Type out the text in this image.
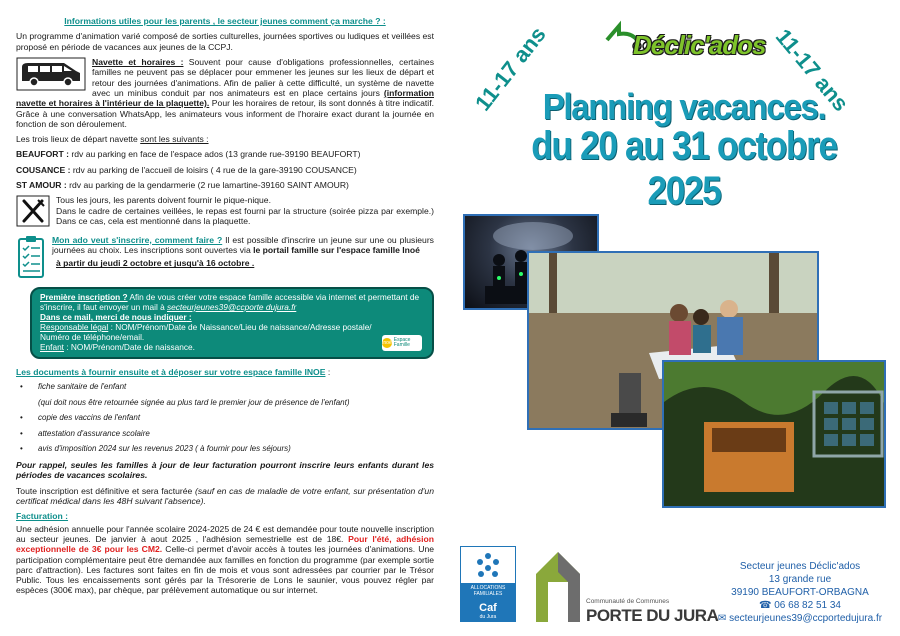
Informations utiles pour les parents , le secteur jeunes comment ça marche ? :
Un programme d'animation varié composé de sorties culturelles, journées sportives ou ludiques et veillées est proposé en période de vacances aux jeunes de la CCPJ.
Navette et horaires : Souvent pour cause d'obligations professionnelles, certaines familles ne peuvent pas se déplacer pour emmener les jeunes sur les lieux de départ et retour des journées d'animations. Afin de palier à cette difficulté, un système de navette avec un minibus conduit par nos animateurs est en place certains jours (information navette et horaires à l'intérieur de la plaquette). Pour les horaires de retour, ils sont donnés à titre indicatif. Grâce à une conversation WhatsApp, les animateurs vous informent de l'horaire exact durant la journée en fonction de son déroulement.
Les trois lieux de départ navette sont les suivants :
BEAUFORT : rdv au parking en face de l'espace ados (13 grande rue-39190 BEAUFORT)
COUSANCE : rdv au parking de l'accueil de loisirs ( 4 rue de la gare-39190 COUSANCE)
ST AMOUR : rdv au parking de la gendarmerie (2 rue lamartine-39160 SAINT AMOUR)
Tous les jours, les parents doivent fournir le pique-nique.
Dans le cadre de certaines veillées, le repas est fourni par la structure (soirée pizza par exemple.) Dans ce cas, cela est mentionné dans la plaquette.
Mon ado veut s'inscrire, comment faire ? Il est possible d'inscrire un jeune sur une ou plusieurs journées au choix. Les inscriptions sont ouvertes via le portail famille sur l'espace famille Inoé
à partir du jeudi 2 octobre et jusqu'à 16 octobre .
Première inscription ? Afin de vous créer votre espace famille accessible via internet et permettant de s'inscrire, il faut envoyer un mail à secteurjeunes39@ccporte dujura.fr
Dans ce mail, merci de nous indiquer :
Responsable légal : NOM/Prénom/Date de Naissance/Lieu de naissance/Adresse postale/ Numéro de téléphone/email.
Enfant : NOM/Prénom/Date de naissance.	Inoé Espace Famille
Les documents à fournir ensuite et à déposer sur votre espace famille INOE :
• fiche sanitaire de l'enfant
(qui doit nous être retournée signée au plus tard le premier jour de présence de l'enfant)
• copie des vaccins de l'enfant
• attestation d'assurance scolaire
• avis d'imposition 2024 sur les revenus 2023 ( à fournir pour les séjours)
Pour rappel, seules les familles à jour de leur facturation pourront inscrire leurs enfants durant les périodes de vacances scolaires.
Toute inscription est définitive et sera facturée (sauf en cas de maladie de votre enfant, sur présentation d'un certificat médical dans les 48H suivant l'absence).
Facturation :
Une adhésion annuelle pour l'année scolaire 2024-2025 de 24 € est demandée pour toute nouvelle inscription au secteur jeunes. De janvier à aout 2025 , l'adhésion semestrielle est de 18€. Pour l'été, adhésion exceptionnelle de 3€ pour les CM2. Celle-ci permet d'avoir accès à toutes les journées d'animations. Une participation complémentaire peut être demandée aux familles en fonction du programme (par exemple sortie parc d'attraction). Les factures sont faites en fin de mois et vous sont adressées par courrier par le Trésor Public. Tous les encaissements sont gérés par la Trésorerie de Lons le saunier, vous pouvez régler par espèces (300€ max), par chèque, par prélèvement automatique ou sur internet.
11-17 ans	11-17 ans
Déclic'ados
Planning vacances.
du 20 au 31 octobre 2025
ALLOCATIONS FAMILIALES
Caf
du Jura
Communauté de Communes
PORTE DU JURA
Secteur jeunes Déclic'ados
13 grande rue
39190 BEAUFORT-ORBAGNA
☎ 06 68 82 51 34
✉ secteurjeunes39@ccportedujura.fr
